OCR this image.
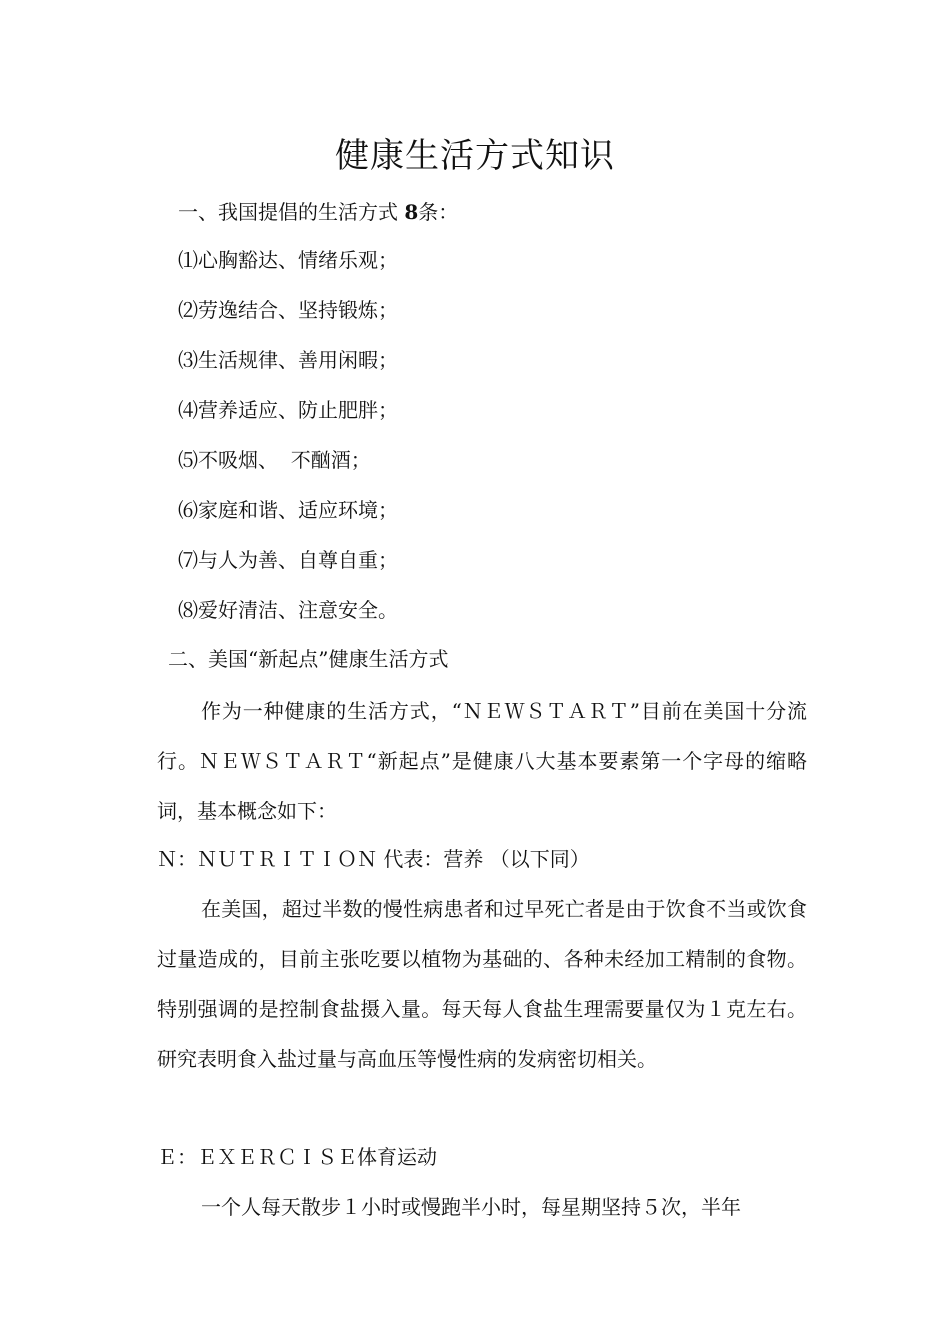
健康生活方式知识

一、我国提倡的生活方式 8条：

⑴心胸豁达、情绪乐观；

⑵劳逸结合、坚持锻炼；

⑶生活规律、善用闲暇；

⑷营养适应、防止肥胖；

⑸不吸烟、  不酗酒；

⑹家庭和谐、适应环境；

⑺与人为善、自尊自重；

⑻爱好清洁、注意安全。

二、美国“新起点”健康生活方式

作为一种健康的生活方式，“ＮＥＷＳＴＡＲＴ”目前在美国十分流行。ＮＥＷＳＴＡＲＴ“新起点”是健康八大基本要素第一个字母的缩略词，基本概念如下：

Ｎ：ＮＵＴＲＩＴＩＯＮ 代表：营养 （以下同）

在美国，超过半数的慢性病患者和过早死亡者是由于饮食不当或饮食过量造成的，目前主张吃要以植物为基础的、各种未经加工精制的食物。特别强调的是控制食盐摄入量。每天每人食盐生理需要量仅为１克左右。研究表明食入盐过量与高血压等慢性病的发病密切相关。

Ｅ：ＥＸＥＲＣＩＳＥ体育运动

一个人每天散步１小时或慢跑半小时，每星期坚持５次，半年
